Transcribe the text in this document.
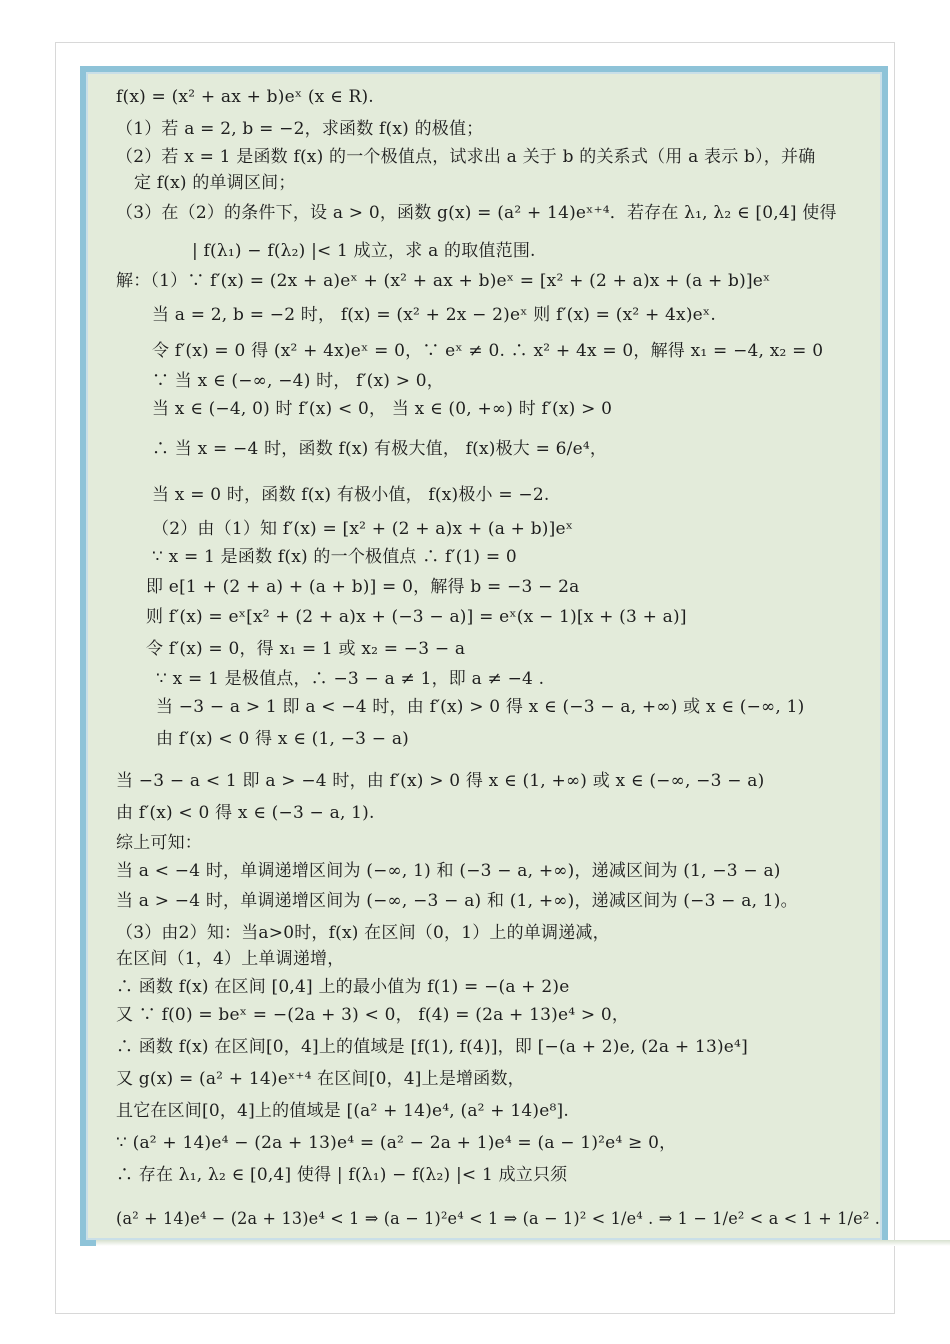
f(x) = (x² + ax + b)eˣ (x ∈ R).
（1）若 a = 2, b = −2，求函数 f(x) 的极值；
（2）若 x = 1 是函数 f(x) 的一个极值点，试求出 a 关于 b 的关系式（用 a 表示 b），并确
定 f(x) 的单调区间；
（3）在（2）的条件下，设 a > 0，函数 g(x) = (a² + 14)eˣ⁺⁴．若存在 λ₁, λ₂ ∈ [0,4] 使得
| f(λ₁) − f(λ₂) |< 1 成立，求 a 的取值范围.
解：（1）∵ f′(x) = (2x + a)eˣ + (x² + ax + b)eˣ = [x² + (2 + a)x + (a + b)]eˣ
当 a = 2, b = −2 时， f(x) = (x² + 2x − 2)eˣ 则 f′(x) = (x² + 4x)eˣ.
令 f′(x) = 0 得 (x² + 4x)eˣ = 0，∵ eˣ ≠ 0. ∴ x² + 4x = 0，解得 x₁ = −4, x₂ = 0
∵ 当 x ∈ (−∞, −4) 时， f′(x) > 0，
当 x ∈ (−4, 0) 时 f′(x) < 0， 当 x ∈ (0, +∞) 时 f′(x) > 0
∴ 当 x = −4 时，函数 f(x) 有极大值， f(x)极大 = 6/e⁴，
当 x = 0 时，函数 f(x) 有极小值， f(x)极小 = −2.
（2）由（1）知 f′(x) = [x² + (2 + a)x + (a + b)]eˣ
∵ x = 1 是函数 f(x) 的一个极值点 ∴ f′(1) = 0
即 e[1 + (2 + a) + (a + b)] = 0，解得 b = −3 − 2a
则 f′(x) = eˣ[x² + (2 + a)x + (−3 − a)] = eˣ(x − 1)[x + (3 + a)]
令 f′(x) = 0，得 x₁ = 1 或 x₂ = −3 − a
∵ x = 1 是极值点，∴ −3 − a ≠ 1，即 a ≠ −4 .
当 −3 − a > 1 即 a < −4 时，由 f′(x) > 0 得 x ∈ (−3 − a, +∞) 或 x ∈ (−∞, 1)
由 f′(x) < 0 得 x ∈ (1, −3 − a)
当 −3 − a < 1 即 a > −4 时，由 f′(x) > 0 得 x ∈ (1, +∞) 或 x ∈ (−∞, −3 − a)
由 f′(x) < 0 得 x ∈ (−3 − a, 1).
综上可知：
当 a < −4 时，单调递增区间为 (−∞, 1) 和 (−3 − a, +∞)，递减区间为 (1, −3 − a)
当 a > −4 时，单调递增区间为 (−∞, −3 − a) 和 (1, +∞)，递减区间为 (−3 − a, 1)。
（3）由2）知：当a>0时，f(x) 在区间（0，1）上的单调递减，
在区间（1，4）上单调递增，
∴ 函数 f(x) 在区间 [0,4] 上的最小值为 f(1) = −(a + 2)e
又 ∵ f(0) = beˣ = −(2a + 3) < 0， f(4) = (2a + 13)e⁴ > 0，
∴ 函数 f(x) 在区间[0，4]上的值域是 [f(1), f(4)]，即 [−(a + 2)e, (2a + 13)e⁴]
又 g(x) = (a² + 14)eˣ⁺⁴ 在区间[0，4]上是增函数，
且它在区间[0，4]上的值域是 [(a² + 14)e⁴, (a² + 14)e⁸].
∵ (a² + 14)e⁴ − (2a + 13)e⁴ = (a² − 2a + 1)e⁴ = (a − 1)²e⁴ ≥ 0，
∴ 存在 λ₁, λ₂ ∈ [0,4] 使得 | f(λ₁) − f(λ₂) |< 1 成立只须
(a² + 14)e⁴ − (2a + 13)e⁴ < 1 ⇒ (a − 1)²e⁴ < 1 ⇒ (a − 1)² < 1/e⁴ . ⇒ 1 − 1/e² < a < 1 + 1/e² .
